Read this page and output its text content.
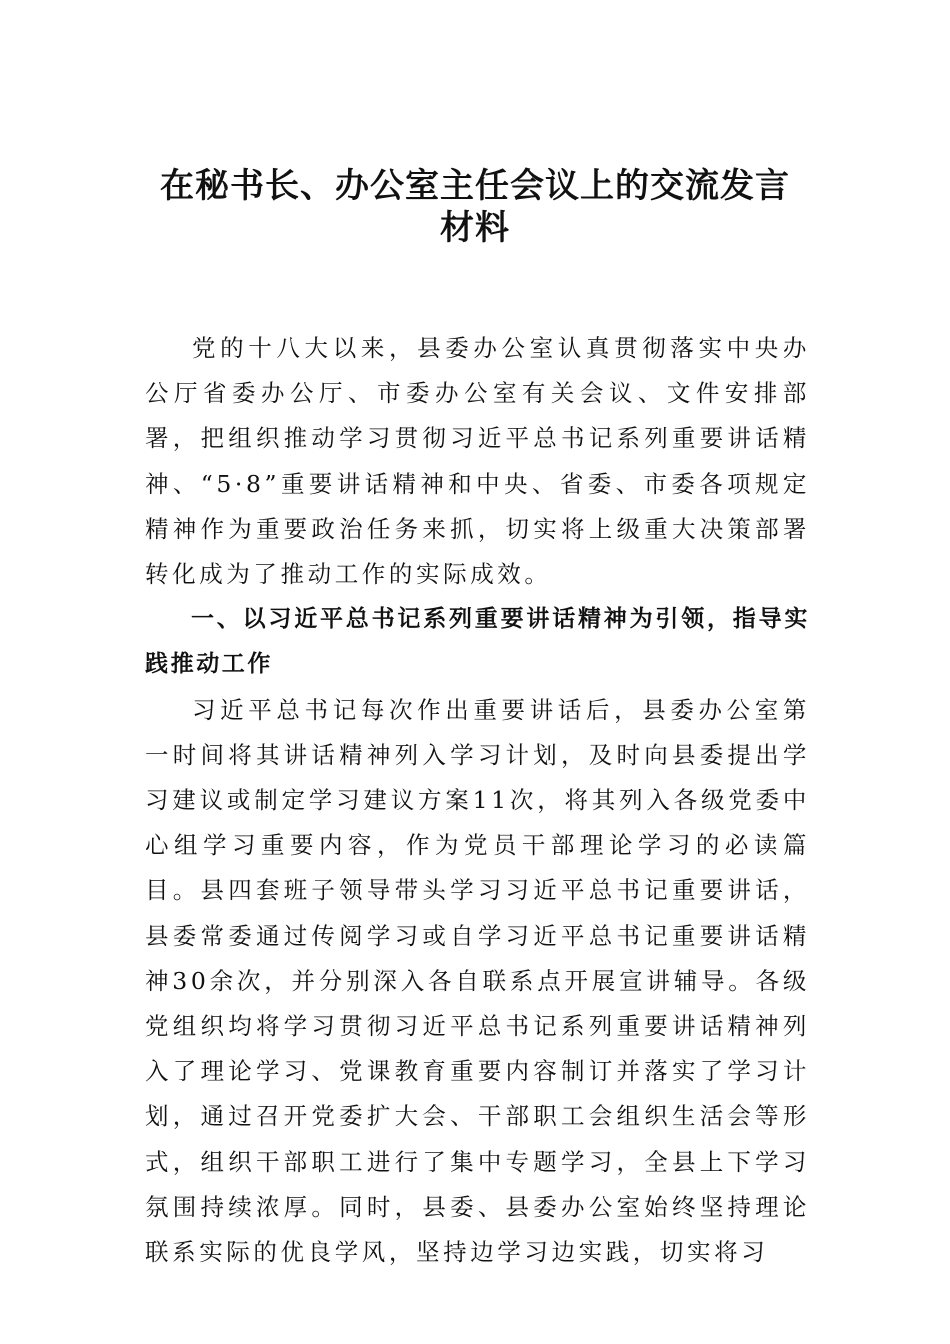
在秘书长、办公室主任会议上的交流发言
材料

党的十八大以来，县委办公室认真贯彻落实中央办公厅省委办公厅、市委办公室有关会议、文件安排部署，把组织推动学习贯彻习近平总书记系列重要讲话精神、“5·8”重要讲话精神和中央、省委、市委各项规定精神作为重要政治任务来抓，切实将上级重大决策部署转化成为了推动工作的实际成效。

一、以习近平总书记系列重要讲话精神为引领，指导实践推动工作

习近平总书记每次作出重要讲话后，县委办公室第一时间将其讲话精神列入学习计划，及时向县委提出学习建议或制定学习建议方案11次，将其列入各级党委中心组学习重要内容，作为党员干部理论学习的必读篇目。县四套班子领导带头学习习近平总书记重要讲话，县委常委通过传阅学习或自学习近平总书记重要讲话精神30余次，并分别深入各自联系点开展宣讲辅导。各级党组织均将学习贯彻习近平总书记系列重要讲话精神列入了理论学习、党课教育重要内容制订并落实了学习计划，通过召开党委扩大会、干部职工会组织生活会等形式，组织干部职工进行了集中专题学习，全县上下学习氛围持续浓厚。同时，县委、县委办公室始终坚持理论联系实际的优良学风，坚持边学习边实践，切实将习
